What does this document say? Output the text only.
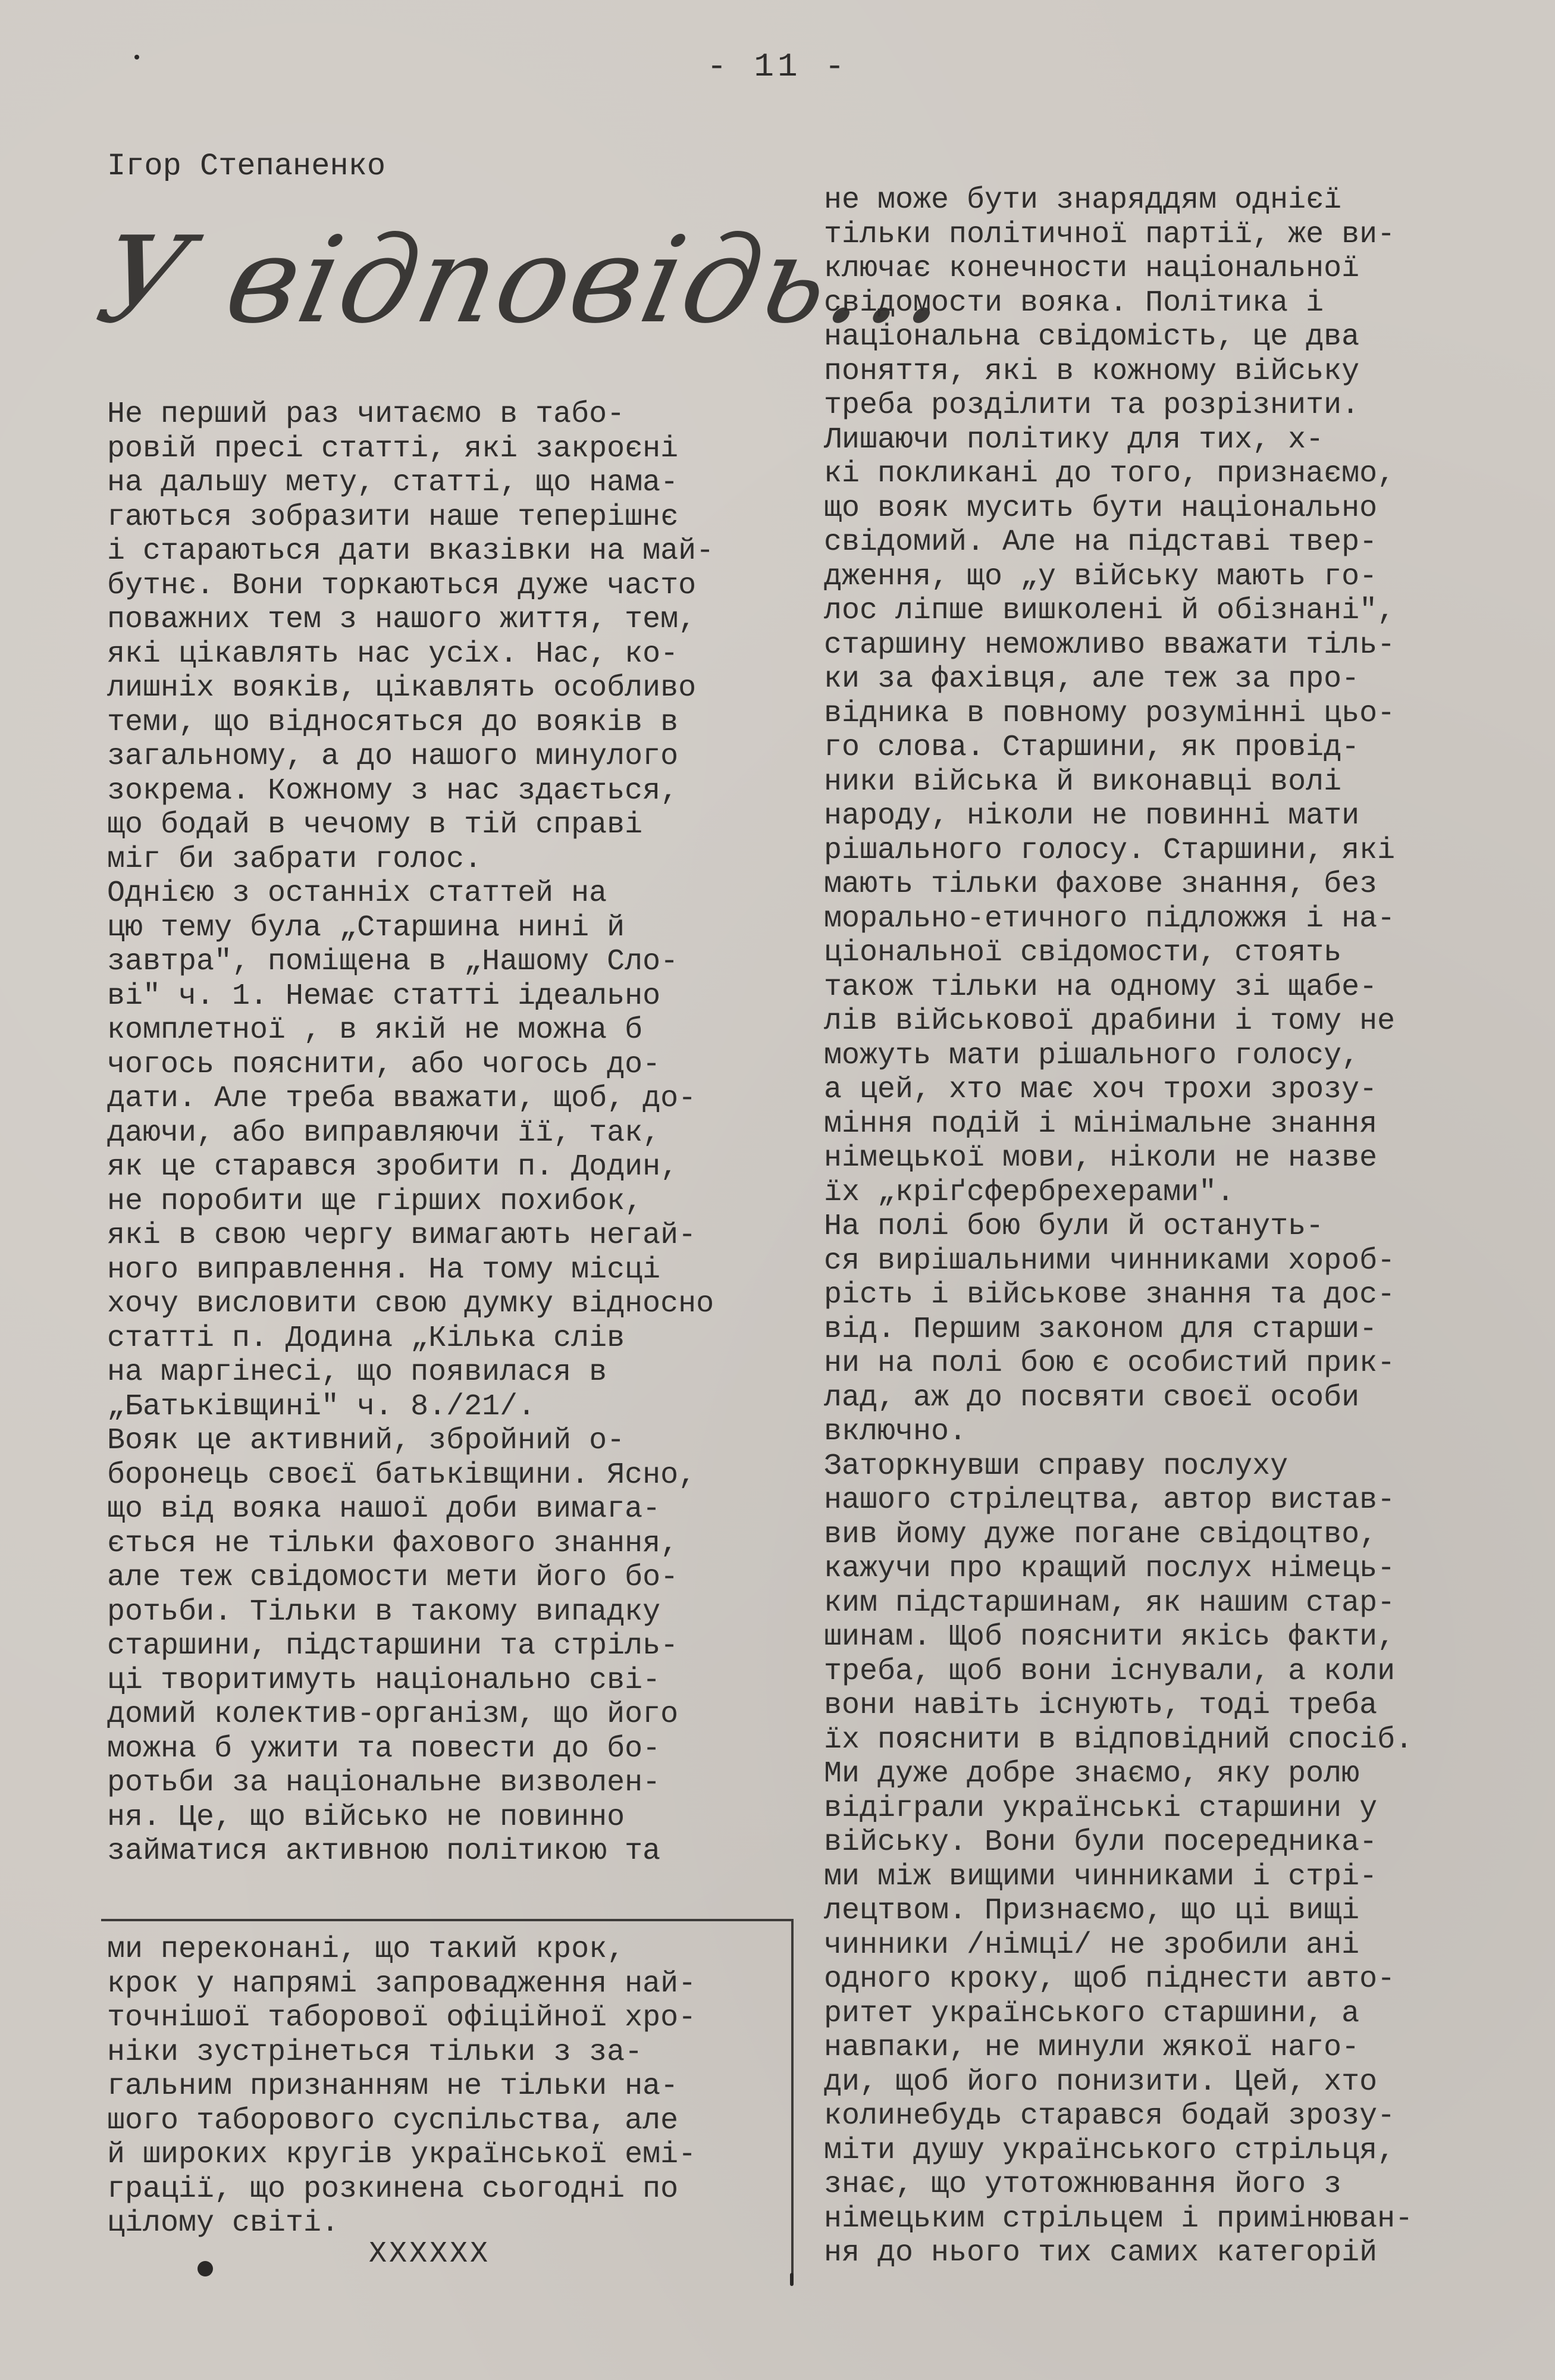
- 11 -
Ігор Степаненко
У відповідь...
Не перший раз читаємо в табо-
ровій пресі статті, які закроєні
на дальшу мету, статті, що нама-
гаються зобразити наше теперішнє
і стараються дати вказівки на май-
бутнє. Вони торкаються дуже часто
поважних тем з нашого життя, тем,
які цікавлять нас усіх. Нас, ко-
лишніх вояків, цікавлять особливо
теми, що відносяться до вояків в
загальному, а до нашого минулого
зокрема. Кожному з нас здається,
що бодай в чечому в тій справі
міг би забрати голос.
Однією з останніх статтей на
цю тему була „Старшина нині й
завтра", поміщена в „Нашому Сло-
ві" ч. 1. Немає статті ідеально
комплетної , в якій не можна б
чогось пояснити, або чогось до-
дати. Але треба вважати, щоб, до-
даючи, або виправляючи її, так,
як це старався зробити п. Додин,
не поробити ще гірших похибок,
які в свою чергу вимагають негай-
ного виправлення. На тому місці
хочу висловити свою думку відносно
статті п. Додина „Кілька слів
на маргінесі, що появилася в
„Батьківщині" ч. 8./21/.
Вояк це активний, збройний о-
боронець своєї батьківщини. Ясно,
що від вояка нашої доби вимага-
ється не тільки фахового знання,
але теж свідомости мети його бо-
ротьби. Тільки в такому випадку
старшини, підстаршини та стріль-
ці творитимуть національно сві-
домий колектив-організм, що його
можна б ужити та повести до бо-
ротьби за національне визволен-
ня. Це, що військо не повинно
займатися активною політикою та
не може бути знаряддям однієї
тільки політичної партії, же ви-
ключає конечности національної
свідомости вояка. Політика і
національна свідомість, це два
поняття, які в кожному війську
треба розділити та розрізнити.
Лишаючи політику для тих, х-
кі покликані до того, признаємо,
що вояк мусить бути національно
свідомий. Але на підставі твер-
дження, що „у війську мають го-
лос ліпше вишколені й обізнані",
старшину неможливо вважати тіль-
ки за фахівця, але теж за про-
відника в повному розумінні цьо-
го слова. Старшини, як провід-
ники війська й виконавці волі
народу, ніколи не повинні мати
рішального голосу. Старшини, які
мають тільки фахове знання, без
морально-етичного підложжя і на-
ціональної свідомости, стоять
також тільки на одному зі щабе-
лів військової драбини і тому не
можуть мати рішального голосу,
а цей, хто має хоч трохи зрозу-
міння подій і мінімальне знання
німецької мови, ніколи не назве
їх „кріґсфербрехерами".
На полі бою були й остануть-
ся вирішальними чинниками хороб-
рість і військове знання та дос-
від. Першим законом для старши-
ни на полі бою є особистий прик-
лад, аж до посвяти своєї особи
включно.
Заторкнувши справу послуху
нашого стрілецтва, автор вистав-
вив йому дуже погане свідоцтво,
кажучи про кращий послух німець-
ким підстаршинам, як нашим стар-
шинам. Щоб пояснити якісь факти,
треба, щоб вони існували, а коли
вони навіть існують, тоді треба
їх пояснити в відповідний спосіб.
Ми дуже добре знаємо, яку ролю
відіграли українські старшини у
війську. Вони були посередника-
ми між вищими чинниками і стрі-
лецтвом. Признаємо, що ці вищі
чинники /німці/ не зробили ані
одного кроку, щоб піднести авто-
ритет українського старшини, а
навпаки, не минули жякої наго-
ди, щоб його понизити. Цей, хто
колинебудь старався бодай зрозу-
міти душу українського стрільця,
знає, що утотожнювання його з
німецьким стрільцем і примінюван-
ня до нього тих самих категорій
ми переконані, що такий крок,
крок у напрямі запровадження най-
точнішої таборової офіційної хро-
ніки зустрінеться тільки з за-
гальним признанням не тільки на-
шого таборового суспільства, але
й широких кругів української емі-
грації, що розкинена сьогодні по
цілому світі.
ХХХХХХ
